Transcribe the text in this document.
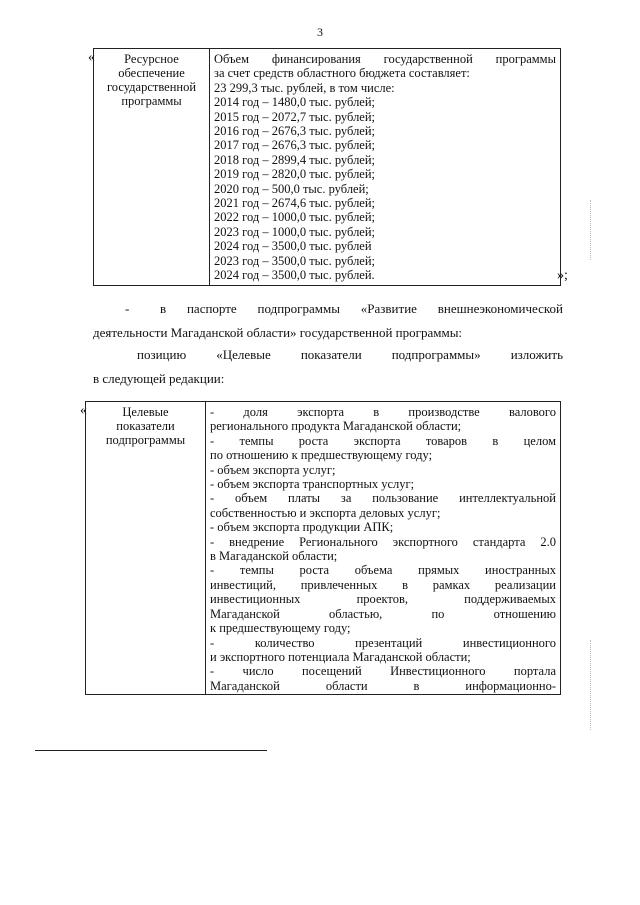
3
«	Ресурсное
обеспечение
государственной
программы

Объем финансирования государственной программы
за счет средств областного бюджета составляет:
23 299,3 тыс. рублей, в том числе:
2014 год – 1480,0 тыс. рублей;
2015 год – 2072,7 тыс. рублей;
2016 год – 2676,3 тыс. рублей;
2017 год – 2676,3 тыс. рублей;
2018 год – 2899,4 тыс. рублей;
2019 год – 2820,0 тыс. рублей;
2020 год – 500,0 тыс. рублей;
2021 год – 2674,6 тыс. рублей;
2022 год – 1000,0 тыс. рублей;
2023 год – 1000,0 тыс. рублей;
2024 год – 3500,0 тыс. рублей
2023 год – 3500,0 тыс. рублей;
2024 год – 3500,0 тыс. рублей.	»;
-	в паспорте подпрограммы «Развитие внешнеэкономической
деятельности Магаданской области» государственной программы:
позицию «Целевые показатели подпрограммы» изложить
в следующей редакции:
«	Целевые
показатели
подпрограммы

- доля экспорта в производстве валового
регионального продукта Магаданской области;
- темпы роста экспорта товаров в целом
по отношению к предшествующему году;
- объем экспорта услуг;
- объем экспорта транспортных услуг;
- объем платы за пользование интеллектуальной
собственностью и экспорта деловых услуг;
- объем экспорта продукции АПК;
- внедрение Регионального экспортного стандарта 2.0
в Магаданской области;
- темпы роста объема прямых иностранных
инвестиций, привлеченных в рамках реализации
инвестиционных проектов, поддерживаемых
Магаданской областью, по отношению
к предшествующему году;
- количество презентаций инвестиционного
и экспортного потенциала Магаданской области;
- число посещений Инвестиционного портала
Магаданской области в информационно-
